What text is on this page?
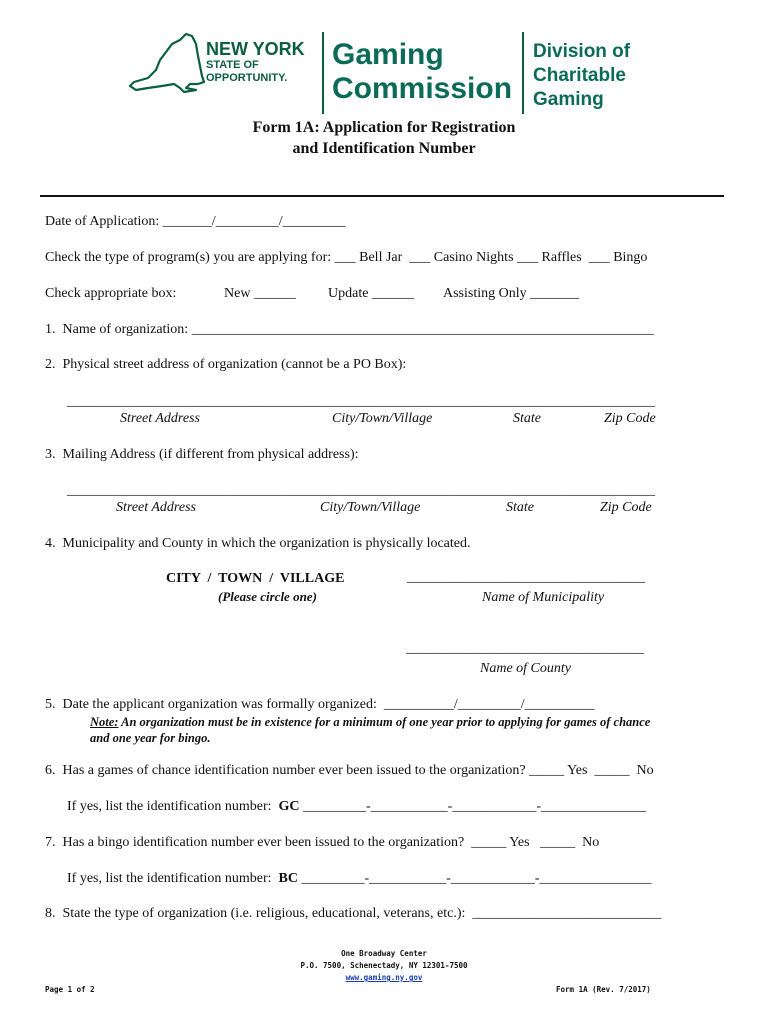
NEW YORK
STATE OF
OPPORTUNITY.
Gaming
Commission
Division of
Charitable
Gaming
Form 1A: Application for Registration
and Identification Number
Date of Application: _______/_________/_________
Check the type of program(s) you are applying for: ___ Bell Jar  ___ Casino Nights ___ Raffles  ___ Bingo
Check appropriate box:	New ______ Update ______ Assisting Only _______
1.  Name of organization: __________________________________________________________________
2.  Physical street address of organization (cannot be a PO Box):
____________________________________________________________________________________
Street Address	City/Town/Village	State	Zip Code
3.  Mailing Address (if different from physical address):
____________________________________________________________________________________
Street Address	City/Town/Village	State	Zip Code
4.  Municipality and County in which the organization is physically located.
CITY  /  TOWN  /  VILLAGE
(Please circle one)
__________________________________
Name of Municipality
__________________________________
Name of County
5.  Date the applicant organization was formally organized:  __________/_________/__________
Note: An organization must be in existence for a minimum of one year prior to applying for games of chance
and one year for bingo.
6.  Has a games of chance identification number ever been issued to the organization? _____ Yes  _____  No
If yes, list the identification number: GC _________-___________-____________-_______________
7.  Has a bingo identification number ever been issued to the organization?  _____ Yes   _____  No
If yes, list the identification number: BC _________-___________-____________-________________
8.  State the type of organization (i.e. religious, educational, veterans, etc.):  ___________________________
One Broadway Center
P.O. 7500, Schenectady, NY 12301-7500
www.gaming.ny.gov
Page 1 of 2	Form 1A (Rev. 7/2017)
